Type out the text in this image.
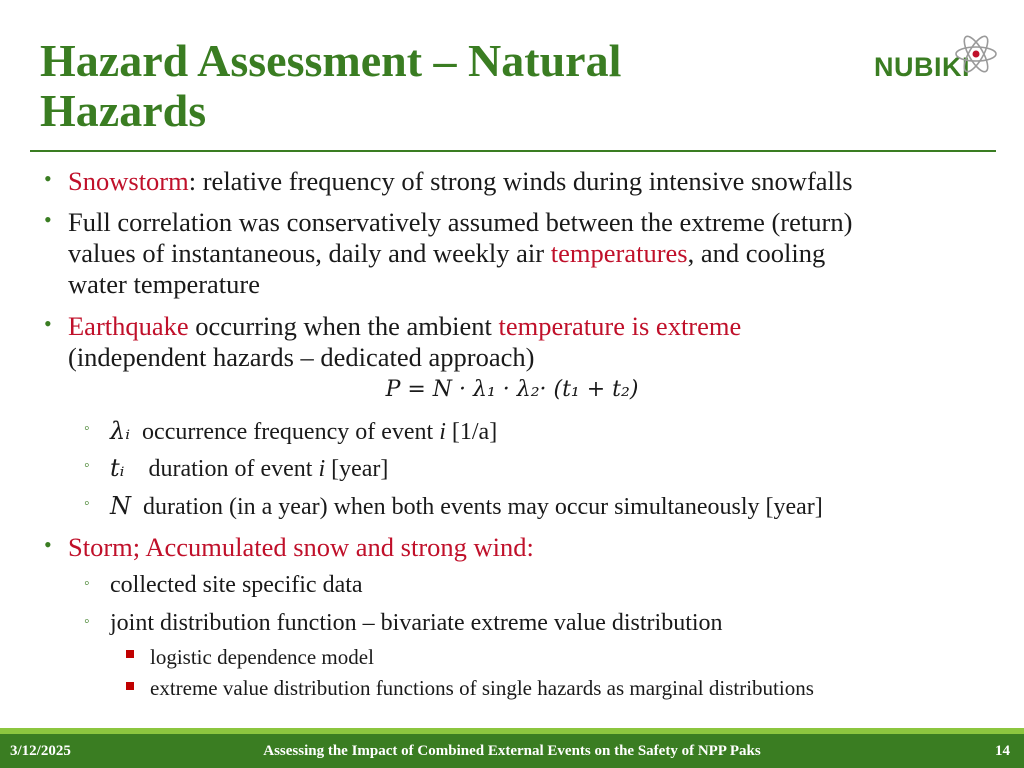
Hazard Assessment – Natural Hazards
NUBIKI
• Snowstorm: relative frequency of strong winds during intensive snowfalls
• Full correlation was conservatively assumed between the extreme (return)
values of instantaneous, daily and weekly air temperatures, and cooling
water temperature
• Earthquake occurring when the ambient temperature is extreme
(independent hazards – dedicated approach)
P = N · λ₁ · λ₂· (t₁ + t₂)
◦ λᵢ occurrence frequency of event i [1/a]
◦ tᵢ duration of event i [year]
◦ N duration (in a year) when both events may occur simultaneously [year]
• Storm; Accumulated snow and strong wind:
◦ collected site specific data
◦ joint distribution function – bivariate extreme value distribution
logistic dependence model
extreme value distribution functions of single hazards as marginal distributions
3/12/2025	Assessing the Impact of Combined External Events on the Safety of NPP Paks	14
